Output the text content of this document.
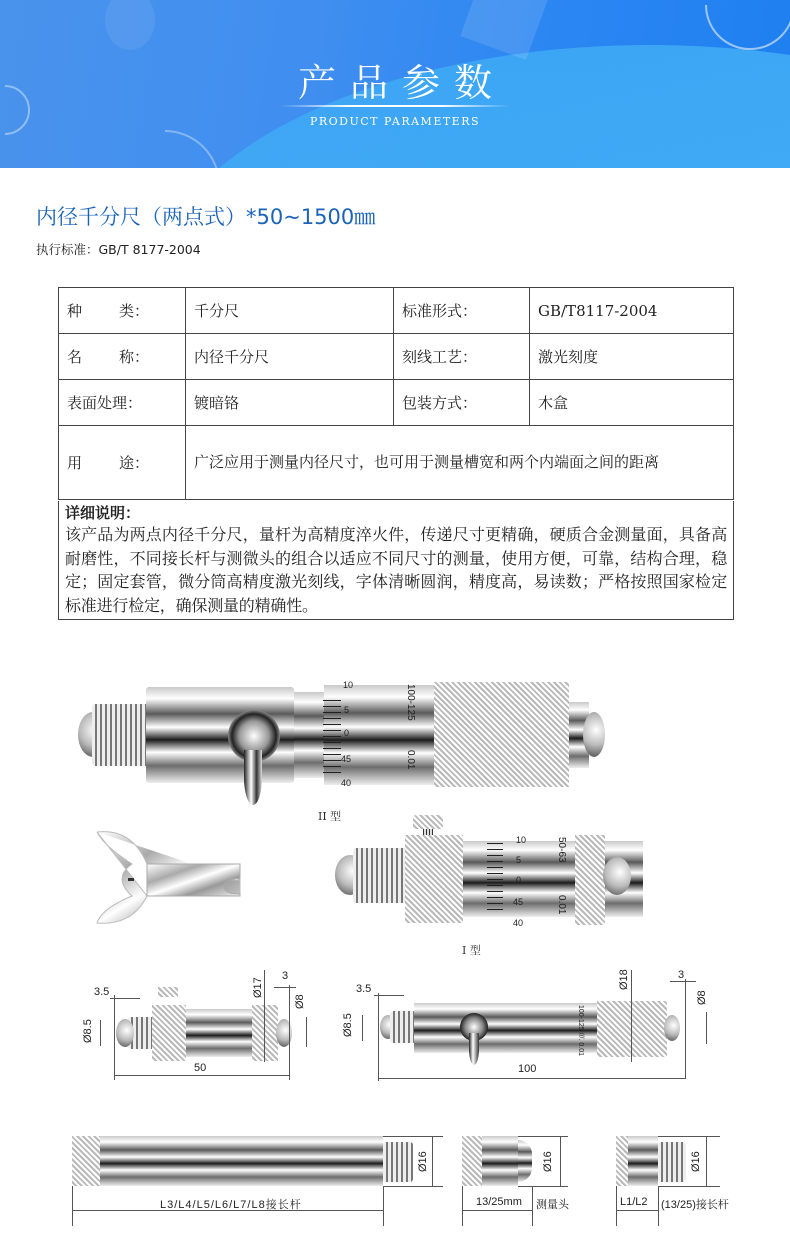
产品参数
PRODUCT PARAMETERS
内径千分尺（两点式）*50~1500㎜
执行标准：GB/T 8177-2004
种 类：	千分尺	标准形式：	GB/T8117-2004

名 称：	内径千分尺	刻线工艺：	激光刻度
表面处理：	镀暗铬	包装方式：	木盒

用 途：	广泛应用于测量内径尺寸，也可用于测量槽宽和两个内端面之间的距离		
详细说明：
该产品为两点内径千分尺，量杆为高精度淬火件，传递尺寸更精确，硬质合金测量面，具备高耐磨性，不同接长杆与测微头的组合以适应不同尺寸的测量，使用方便，可靠，结构合理，稳定；固定套管，微分筒高精度激光刻线，字体清晰圆润，精度高，易读数；严格按照国家检定标准进行检定，确保测量的精确性。
10
5
0
45
40
100-125
0.01
II 型
10
5
0
45
40
50-63
0.01
I 型
3.5
Ø8.5
Ø17
3
Ø8
50
100-125 ///. 0.01
3.5
Ø8.5
Ø18	3
Ø8
100
Ø16
L3/L4/L5/L6/L7/L8接长杆
Ø16
13/25mm 测量头
Ø16
L1/L2 (13/25)接长杆
